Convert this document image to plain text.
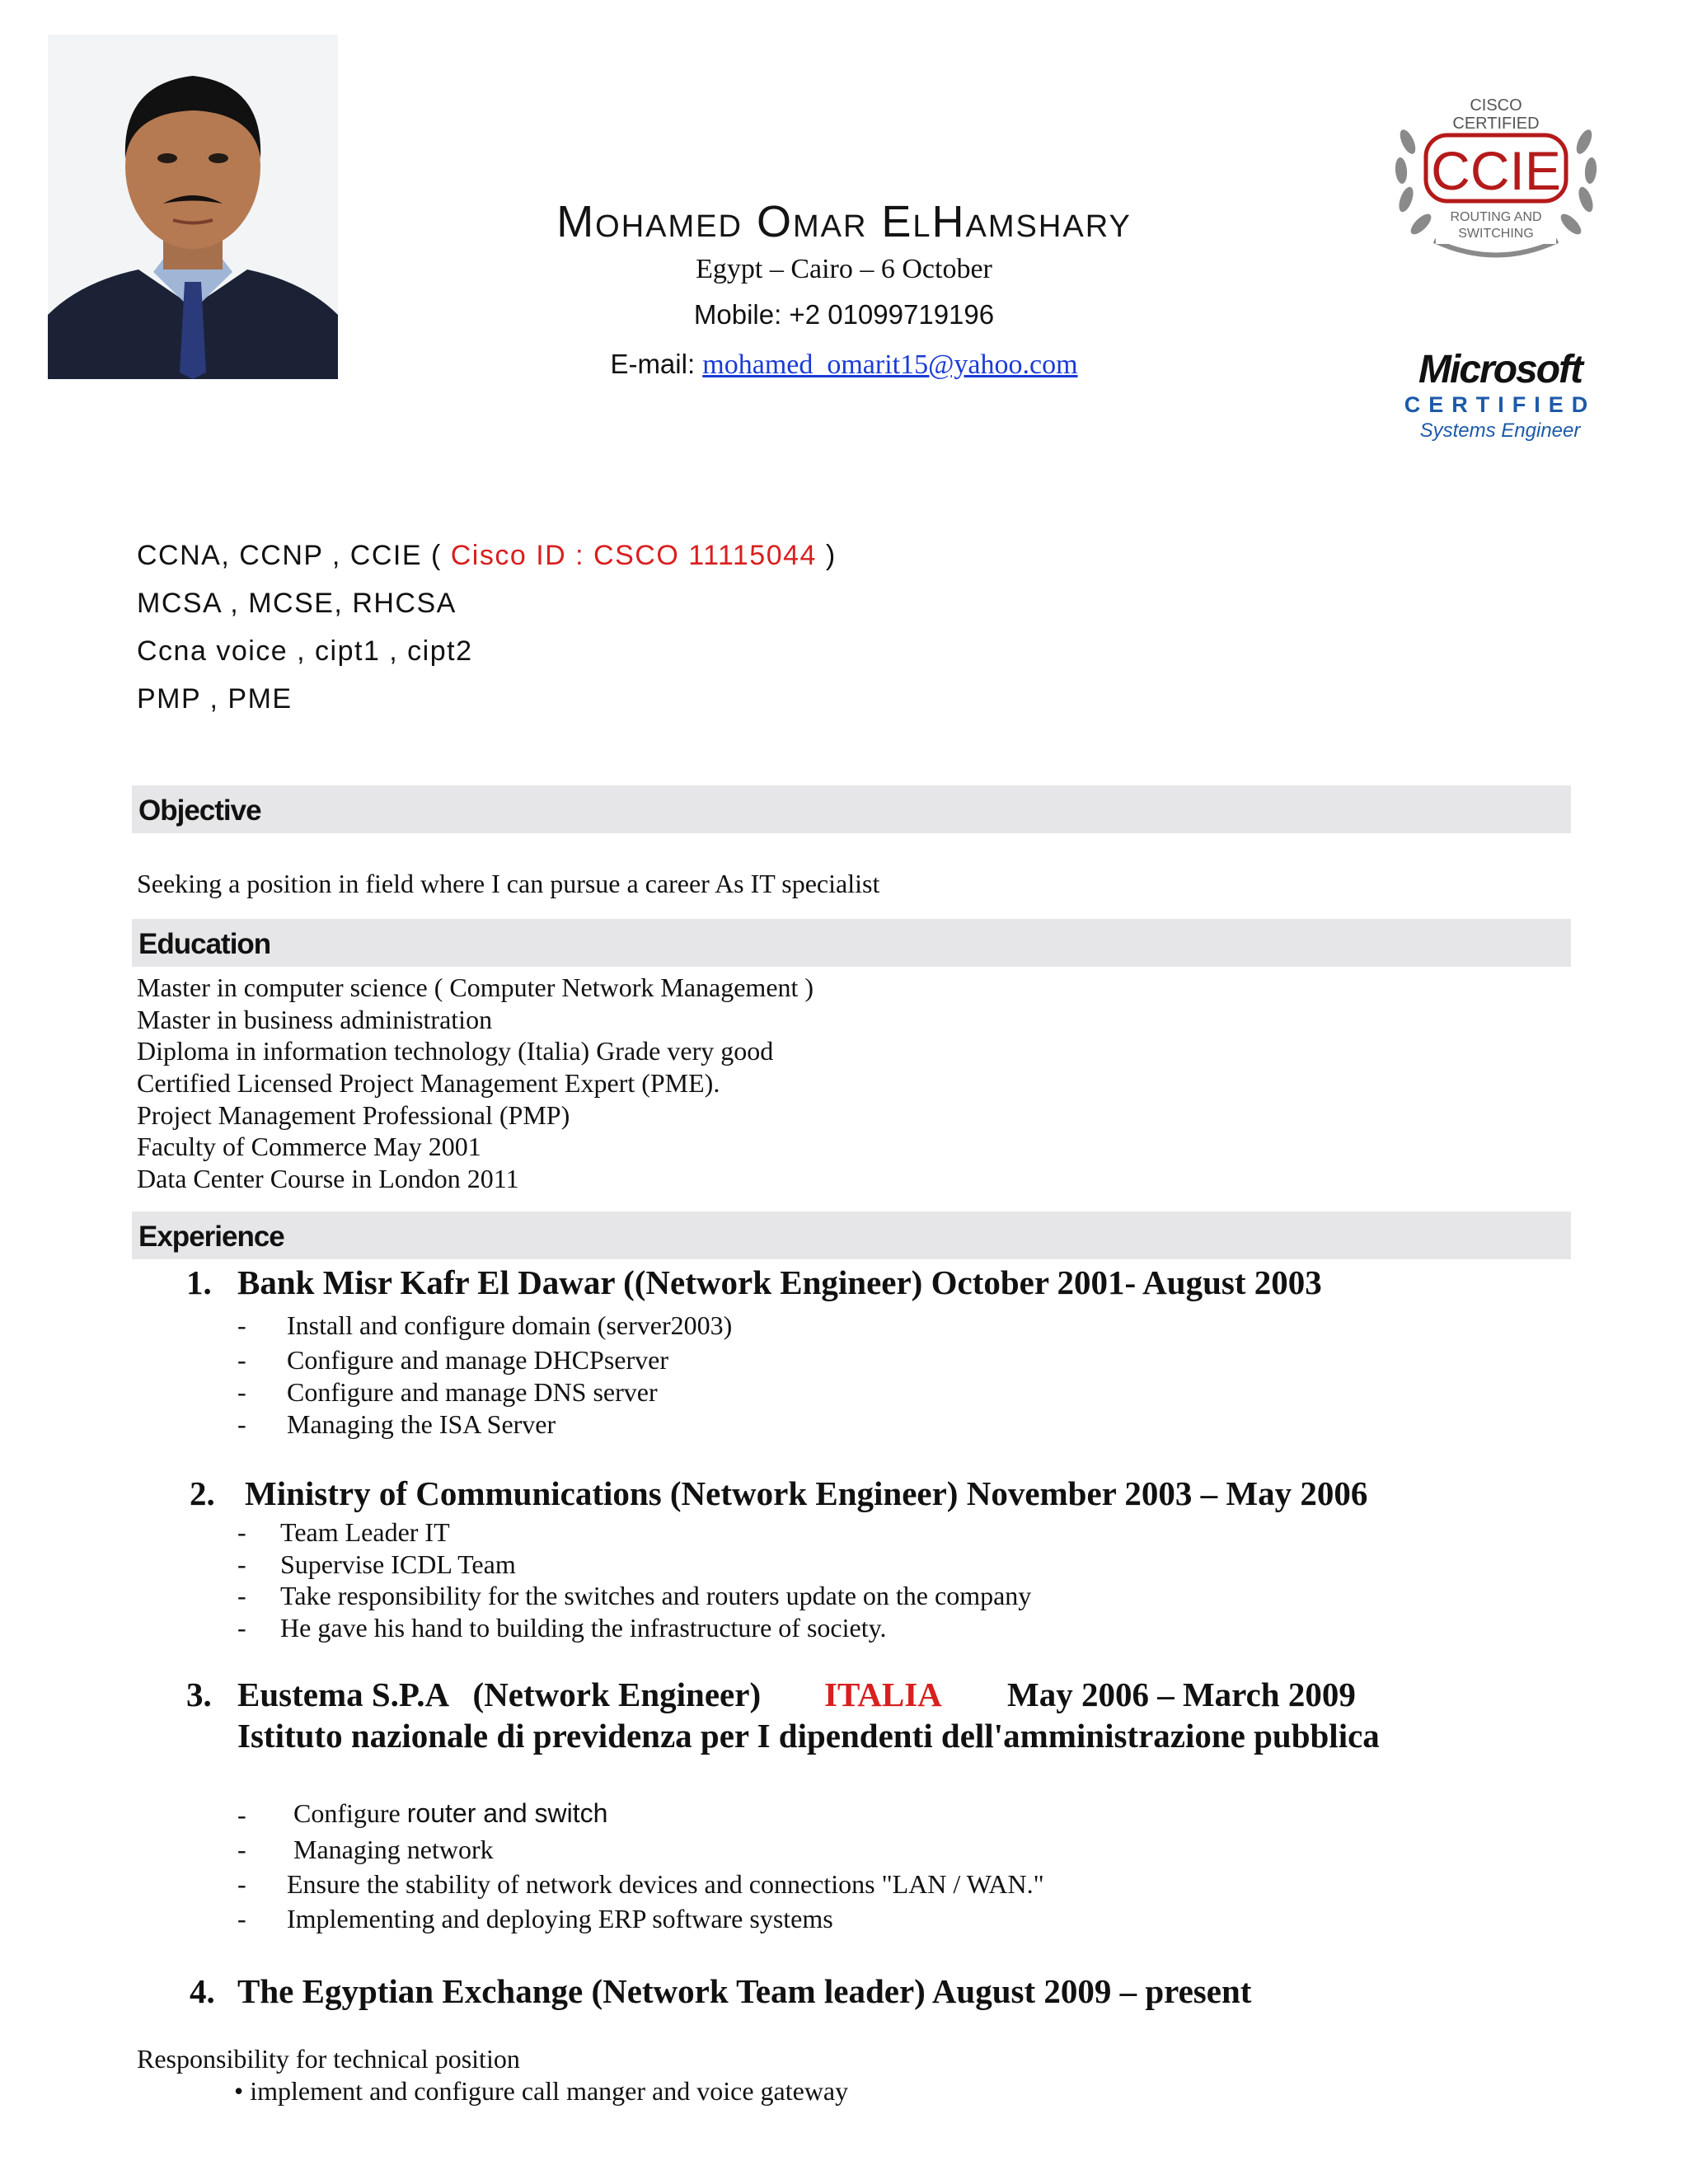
Mohamed Omar ElHamshary
Egypt – Cairo – 6 October
Mobile: +2 01099719196
E-mail: mohamed_omarit15@yahoo.com
CISCO
CERTIFIED
CCIE
ROUTING AND
SWITCHING
Microsoft
CERTIFIED
Systems Engineer
CCNA, CCNP , CCIE ( Cisco ID : CSCO 11115044 )
MCSA , MCSE, RHCSA
Ccna voice , cipt1 , cipt2
PMP , PME
Objective
Seeking a position in field where I can pursue a career As IT specialist
Education
Master in computer science ( Computer Network Management )
Master in business administration
Diploma in information technology (Italia) Grade very good
Certified Licensed Project Management Expert (PME).
Project Management Professional (PMP)
Faculty of Commerce May 2001
Data Center Course in London 2011
Experience
1. Bank Misr Kafr El Dawar ((Network Engineer) October 2001- August 2003
- Install and configure domain (server2003)
- Configure and manage DHCPserver
- Configure and manage DNS server
- Managing the ISA Server
2. Ministry of Communications (Network Engineer) November 2003 – May 2006
- Team Leader IT
- Supervise ICDL Team
- Take responsibility for the switches and routers update on the company
- He gave his hand to building the infrastructure of society.
3. Eustema S.P.A   (Network Engineer) ITALIA May 2006 – March 2009
Istituto nazionale di previdenza per I dipendenti dell'amministrazione pubblica
- Configure router and switch
- Managing network
- Ensure the stability of network devices and connections "LAN / WAN."
- Implementing and deploying ERP software systems
4. The Egyptian Exchange (Network Team leader) August 2009 – present
Responsibility for technical position
• implement and configure call manger and voice gateway
